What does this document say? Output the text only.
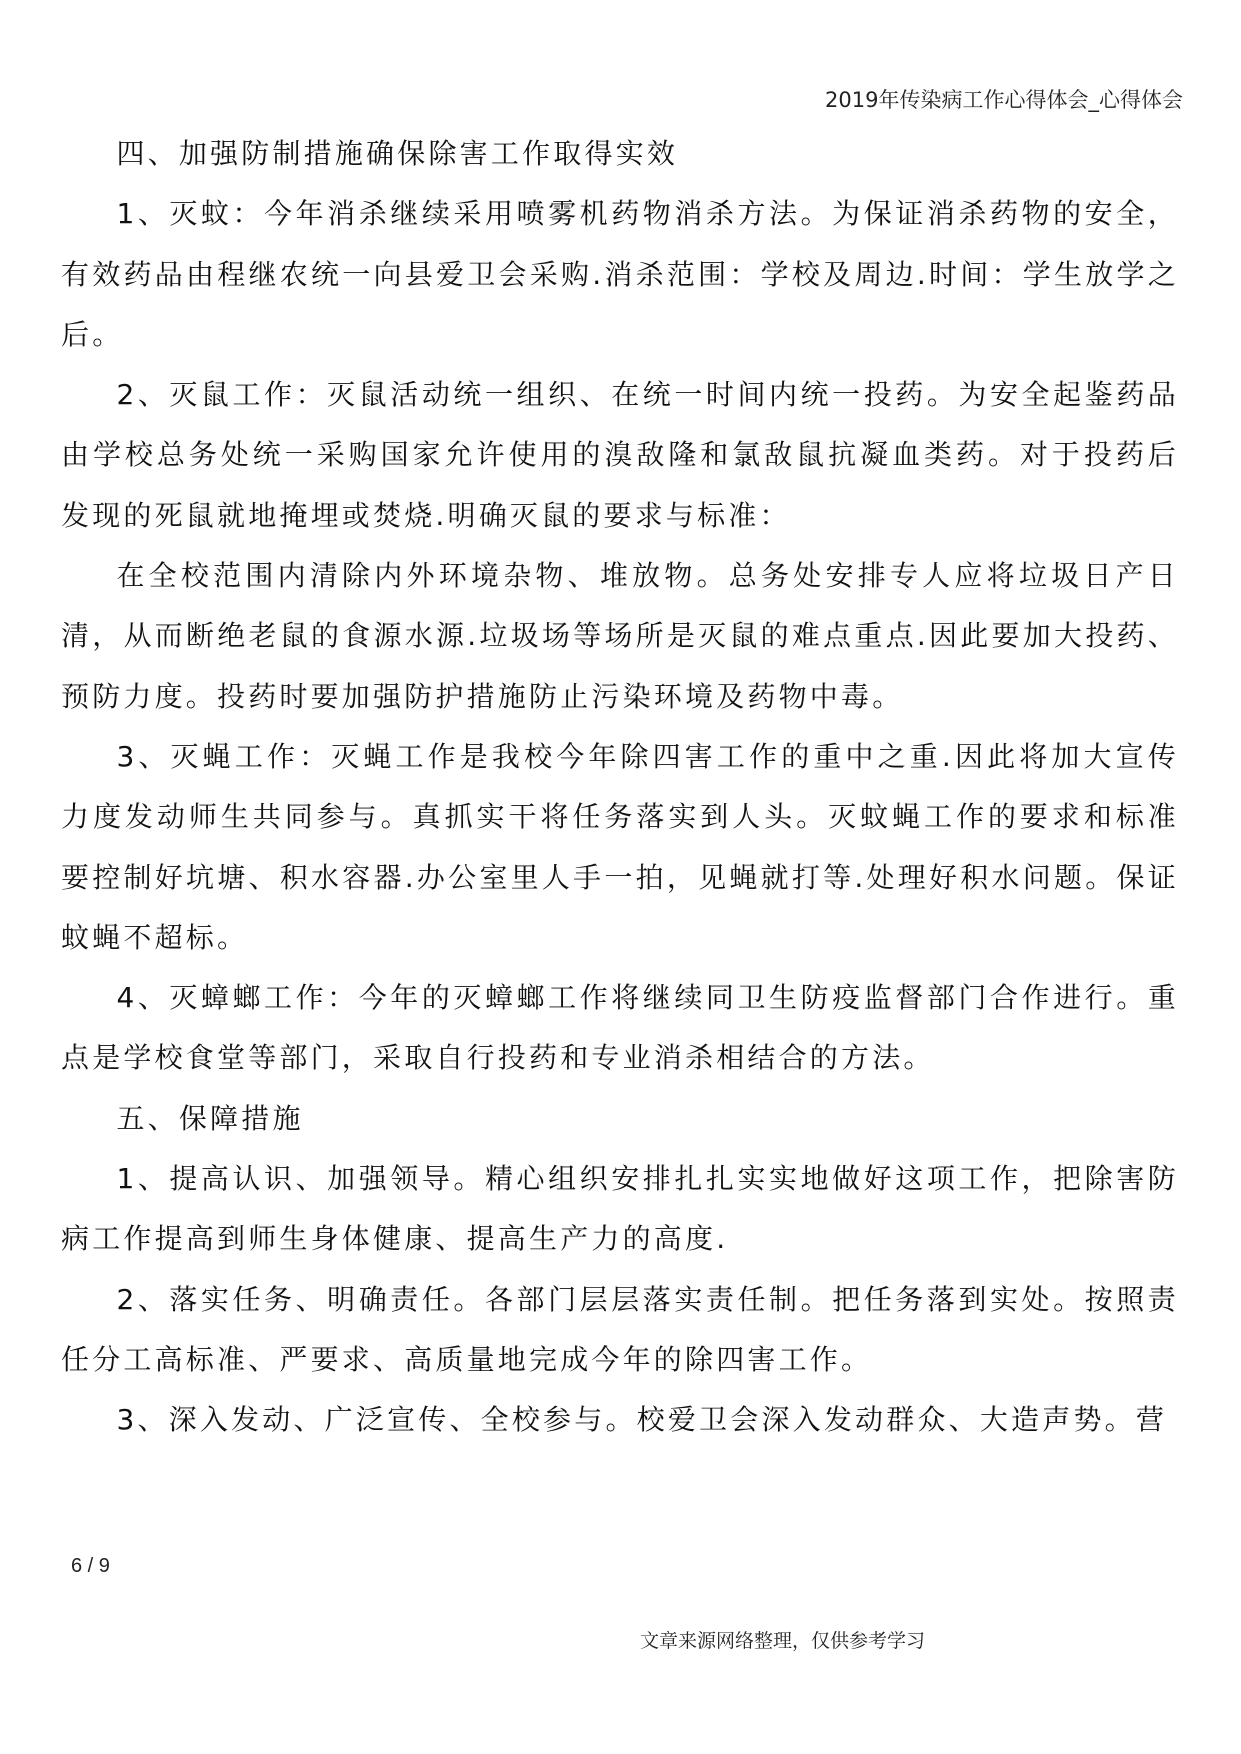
2019年传染病工作心得体会_心得体会

四、加强防制措施确保除害工作取得实效

1、灭蚊：今年消杀继续采用喷雾机药物消杀方法。为保证消杀药物的安全，有效药品由程继农统一向县爱卫会采购.消杀范围：学校及周边.时间：学生放学之后。

2、灭鼠工作：灭鼠活动统一组织、在统一时间内统一投药。为安全起鉴药品由学校总务处统一采购国家允许使用的溴敌隆和氯敌鼠抗凝血类药。对于投药后发现的死鼠就地掩埋或焚烧.明确灭鼠的要求与标准：

在全校范围内清除内外环境杂物、堆放物。总务处安排专人应将垃圾日产日清，从而断绝老鼠的食源水源.垃圾场等场所是灭鼠的难点重点.因此要加大投药、预防力度。投药时要加强防护措施防止污染环境及药物中毒。

3、灭蝇工作：灭蝇工作是我校今年除四害工作的重中之重.因此将加大宣传力度发动师生共同参与。真抓实干将任务落实到人头。灭蚊蝇工作的要求和标准要控制好坑塘、积水容器.办公室里人手一拍，见蝇就打等.处理好积水问题。保证蚊蝇不超标。

4、灭蟑螂工作：今年的灭蟑螂工作将继续同卫生防疫监督部门合作进行。重点是学校食堂等部门，采取自行投药和专业消杀相结合的方法。

五、保障措施

1、提高认识、加强领导。精心组织安排扎扎实实地做好这项工作，把除害防病工作提高到师生身体健康、提高生产力的高度.

2、落实任务、明确责任。各部门层层落实责任制。把任务落到实处。按照责任分工高标准、严要求、高质量地完成今年的除四害工作。

3、深入发动、广泛宣传、全校参与。校爱卫会深入发动群众、大造声势。营

6 / 9
文章来源网络整理，仅供参考学习
